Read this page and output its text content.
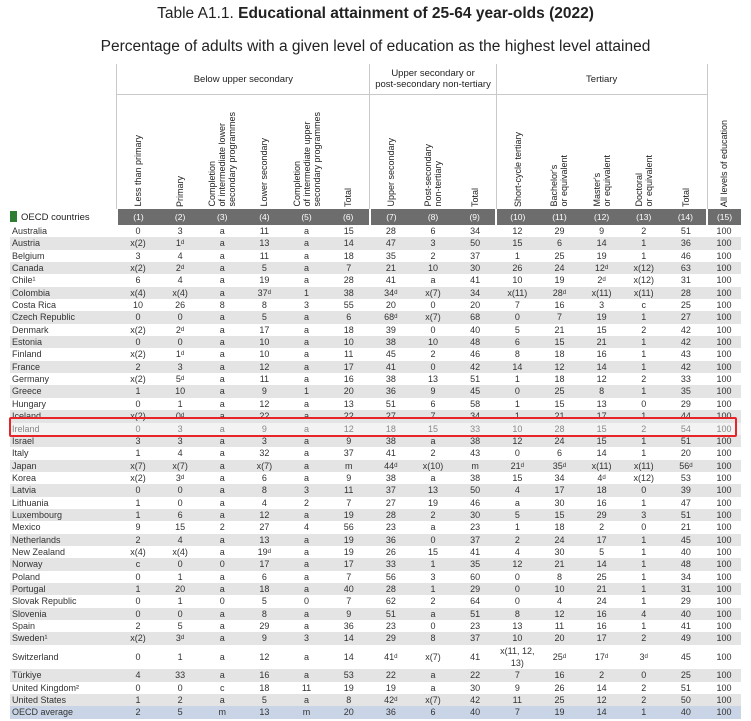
Table A1.1. Educational attainment of 25-64 year-olds (2022)
Percentage of adults with a given level of education as the highest level attained
	Below upper secondary						Upper secondary or
post-secondary non-tertiary			Tertiary					
	Less than primary	Primary	Completion
of intermediate lower
secondary programmes	Lower secondary	Completion
of intermediate upper
secondary programmes	Total	Upper secondary	Post-secondary
non-tertiary	Total	Short-cycle tertiary	Bachelor's
or equivalent	Master's
or equivalent	Doctoral
or equivalent	Total	All levels of education
OECD countries	(1)	(2)	(3)	(4)	(5)	(6)	(7)	(8)	(9)	(10)	(11)	(12)	(13)	(14)	(15)
Australia	0	3	a	11	a	15	28	6	34	12	29	9	2	51	100
Austria	x(2)	1ᵈ	a	13	a	14	47	3	50	15	6	14	1	36	100
Belgium	3	4	a	11	a	18	35	2	37	1	25	19	1	46	100
Canada	x(2)	2ᵈ	a	5	a	7	21	10	30	26	24	12ᵈ	x(12)	63	100
Chile¹	6	4	a	19	a	28	41	a	41	10	19	2ᵈ	x(12)	31	100
Colombia	x(4)	x(4)	a	37ᵈ	1	38	34ᵈ	x(7)	34	x(11)	28ᵈ	x(11)	x(11)	28	100
Costa Rica	10	26	8	8	3	55	20	0	20	7	16	3	c	25	100
Czech Republic	0	0	a	5	a	6	68ᵈ	x(7)	68	0	7	19	1	27	100
Denmark	x(2)	2ᵈ	a	17	a	18	39	0	40	5	21	15	2	42	100
Estonia	0	0	a	10	a	10	38	10	48	6	15	21	1	42	100
Finland	x(2)	1ᵈ	a	10	a	11	45	2	46	8	18	16	1	43	100
France	2	3	a	12	a	17	41	0	42	14	12	14	1	42	100
Germany	x(2)	5ᵈ	a	11	a	16	38	13	51	1	18	12	2	33	100
Greece	1	10	a	9	1	20	36	9	45	0	25	8	1	35	100
Hungary	0	1	a	12	a	13	51	6	58	1	15	13	0	29	100
Iceland	x(2)	0ᵈ	a	22	a	22	27	7	34	1	21	17	1	44	100
Ireland	0	3	a	9	a	12	18	15	33	10	28	15	2	54	100
Israel	3	3	a	3	a	9	38	a	38	12	24	15	1	51	100
Italy	1	4	a	32	a	37	41	2	43	0	6	14	1	20	100
Japan	x(7)	x(7)	a	x(7)	a	m	44ᵈ	x(10)	m	21ᵈ	35ᵈ	x(11)	x(11)	56ᵈ	100
Korea	x(2)	3ᵈ	a	6	a	9	38	a	38	15	34	4ᵈ	x(12)	53	100
Latvia	0	0	a	8	3	11	37	13	50	4	17	18	0	39	100
Lithuania	1	0	a	4	2	7	27	19	46	a	30	16	1	47	100
Luxembourg	1	6	a	12	a	19	28	2	30	5	15	29	3	51	100
Mexico	9	15	2	27	4	56	23	a	23	1	18	2	0	21	100
Netherlands	2	4	a	13	a	19	36	0	37	2	24	17	1	45	100
New Zealand	x(4)	x(4)	a	19ᵈ	a	19	26	15	41	4	30	5	1	40	100
Norway	c	0	0	17	a	17	33	1	35	12	21	14	1	48	100
Poland	0	1	a	6	a	7	56	3	60	0	8	25	1	34	100
Portugal	1	20	a	18	a	40	28	1	29	0	10	21	1	31	100
Slovak Republic	0	1	0	5	0	7	62	2	64	0	4	24	1	29	100
Slovenia	0	0	a	8	a	9	51	a	51	8	12	16	4	40	100
Spain	2	5	a	29	a	36	23	0	23	13	11	16	1	41	100
Sweden¹	x(2)	3ᵈ	a	9	3	14	29	8	37	10	20	17	2	49	100
Switzerland	0	1	a	12	a	14	41ᵈ	x(7)	41	x(11, 12, 13)	25ᵈ	17ᵈ	3ᵈ	45	100
Türkiye	4	33	a	16	a	53	22	a	22	7	16	2	0	25	100
United Kingdom²	0	0	c	18	11	19	19	a	30	9	26	14	2	51	100
United States	1	2	a	5	a	8	42ᵈ	x(7)	42	11	25	12	2	50	100
OECD average	2	5	m	13	m	20	36	6	40	7	19	14	1	40	100
